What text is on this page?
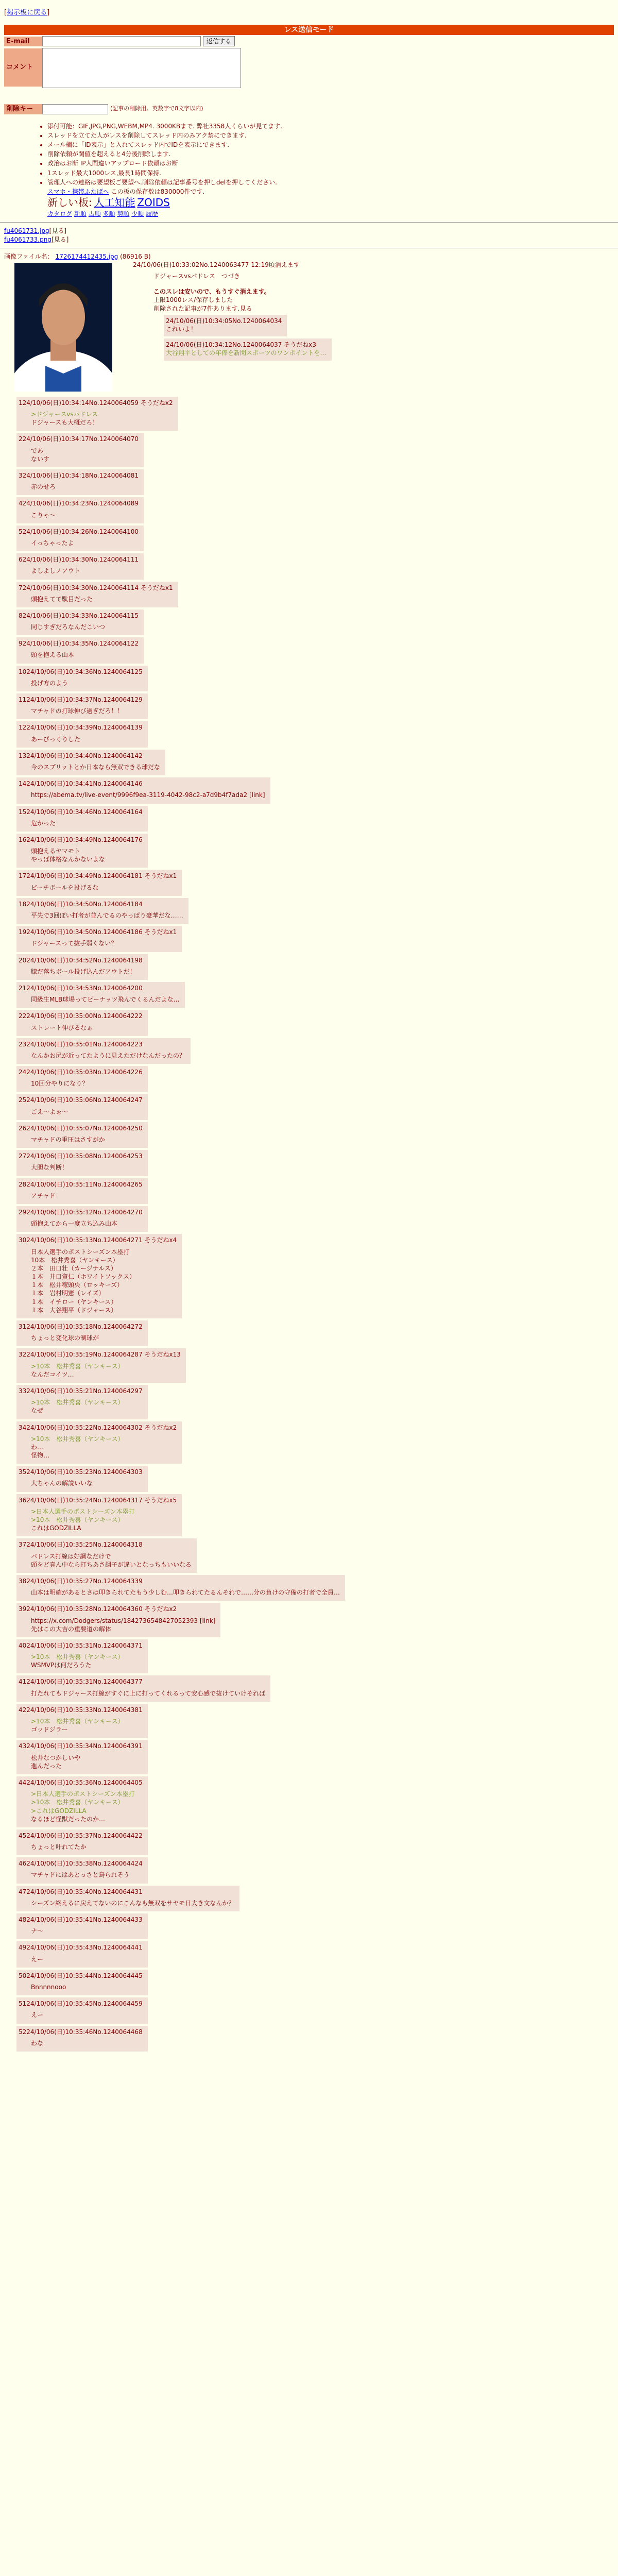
[掲示板に戻る]
レス送信モード
E-mail	返信する
コメント
削除キー	(記事の削除用。英数字で8文字以内)
• 添付可能：GIF,JPG,PNG,WEBM,MP4. 3000KBまで. 弊社3358人くらいが見てます.
• スレッドを立てた人がレスを削除してスレッド内のみアク禁にできます.
• メール欄に「ID表示」と入れてスレッド内でIDを表示にできます.
• 削除依頼が閾値を超えると4分後削除します.
• 政治はお断 IP人間違いアップロード依頼はお断
• 1スレッド最大1000レス,最長1時間保持.
• 管理人への連絡は要望板ご要望へ.削除依頼は記事番号を押しdelを押してください.
スマホ・携帯ふたばへ この板の保存数は830000件です.
新しい板: 人工知能 ZOIDS
カタログ 新順 古順 多順 勢順 少順 履歴
fu4061731.jpg[見る]
fu4061733.png[見る]
画像ファイル名： 1726174412435.jpg (86916 B)
D
24/10/06(日)10:33:02No.1240063477 12:19頃消えます
ドジャースvsパドレス　つづき
このスレは安いので、もうすぐ消えます。
上限1000レス/保存しました
削除された記事が7件あります.見る
24/10/06(日)10:34:05No.1240064034
これいよ！
24/10/06(日)10:34:12No.1240064037 そうだねx3
大谷翔平としての年俸を新聞スポーツのワンポイントを…
124/10/06(日)10:34:14No.1240064059 そうだねx2
>ドジャースvsパドレス
ドジャースも大概だろ！
224/10/06(日)10:34:17No.1240064070
であ
ないす
324/10/06(日)10:34:18No.1240064081
赤のせろ
424/10/06(日)10:34:23No.1240064089
こりゃ～
524/10/06(日)10:34:26No.1240064100
イっちゃったよ
624/10/06(日)10:34:30No.1240064111
よしよしノアウト
724/10/06(日)10:34:30No.1240064114 そうだねx1
頭抱えてて駄目だった
824/10/06(日)10:34:33No.1240064115
同じすぎだろなんだこいつ
924/10/06(日)10:34:35No.1240064122
頭を抱える山本
1024/10/06(日)10:34:36No.1240064125
投げ方のよう
1124/10/06(日)10:34:37No.1240064129
マチャドの打球伸び過ぎだろ！！
1224/10/06(日)10:34:39No.1240064139
あーびっくりした
1324/10/06(日)10:34:40No.1240064142
今のスプリットとか日本なら無双できる球だな
1424/10/06(日)10:34:41No.1240064146
https://abema.tv/live-event/9996f9ea-3119-4042-98c2-a7d9b4f7ada2 [link]
1524/10/06(日)10:34:46No.1240064164
危かった
1624/10/06(日)10:34:49No.1240064176
頭抱えるヤマモト
やっぱ体格なんかないよな
1724/10/06(日)10:34:49No.1240064181 そうだねx1
ビーチボールを投げるな
1824/10/06(日)10:34:50No.1240064184
平失で3回ぼい打者が並んでるのやっぱり豪華だな……
1924/10/06(日)10:34:50No.1240064186 そうだねx1
ドジャースって抜手弱くない？
2024/10/06(日)10:34:52No.1240064198
膝だ落ちボール投げ込んだアウトだ！
2124/10/06(日)10:34:53No.1240064200
同級生MLB球場ってピーナッツ飛んでくるんだよな…
2224/10/06(日)10:35:00No.1240064222
ストレート伸びるなぁ
2324/10/06(日)10:35:01No.1240064223
なんかお尻が近ってたように見えただけなんだったの？
2424/10/06(日)10:35:03No.1240064226
10回分やりになり？
2524/10/06(日)10:35:06No.1240064247
ごえ～よぉ～
2624/10/06(日)10:35:07No.1240064250
マチャドの重圧はさすがか
2724/10/06(日)10:35:08No.1240064253
大胆な判断！
2824/10/06(日)10:35:11No.1240064265
アチャド
2924/10/06(日)10:35:12No.1240064270
頭抱えてから一度立ち込み山本
3024/10/06(日)10:35:13No.1240064271 そうだねx4
日本人選手のポストシーズン本塁打
10本　松井秀喜（ヤンキース）
２本　田口壮（カージナルス）
１本　井口資仁（ホワイトソックス）
１本　松井稼頭央（ロッキーズ）
１本　岩村明憲（レイズ）
１本　イチロー（ヤンキース）
１本　大谷翔平（ドジャース）
3124/10/06(日)10:35:18No.1240064272
ちょっと変化球の制球が
3224/10/06(日)10:35:19No.1240064287 そうだねx13
>10本　松井秀喜（ヤンキース）
なんだコイツ…
3324/10/06(日)10:35:21No.1240064297
>10本　松井秀喜（ヤンキース）
なぜ
3424/10/06(日)10:35:22No.1240064302 そうだねx2
>10本　松井秀喜（ヤンキース）
わ…
怪物…
3524/10/06(日)10:35:23No.1240064303
大ちゃんの解説いいな
3624/10/06(日)10:35:24No.1240064317 そうだねx5
>日本人選手のポストシーズン本塁打
>10本　松井秀喜（ヤンキース）
これはGODZILLA
3724/10/06(日)10:35:25No.1240064318
パドレス打線は好調なだけで
頭をど真ん中なら打ちあさ調子が違いとなっちもいいなる
3824/10/06(日)10:35:27No.1240064339
山本は明確があるとさは叩きられてたもう少しむ…叩きられてたるんそれで……分の負けの守備の打者で全員…
3924/10/06(日)10:35:28No.1240064360 そうだねx2
https://x.com/Dodgers/status/1842736548427052393 [link]
先はこの大吉の重要道の解体
4024/10/06(日)10:35:31No.1240064371
>10本　松井秀喜（ヤンキース）
WSMVPは何だろうた
4124/10/06(日)10:35:31No.1240064377
打たれてもドジャース打線がすぐに上に打ってくれるって安心感で抜けていけそれば
4224/10/06(日)10:35:33No.1240064381
>10本　松井秀喜（ヤンキース）
ゴッドジラー
4324/10/06(日)10:35:34No.1240064391
松井なつかしいや
進んだった
4424/10/06(日)10:35:36No.1240064405
>日本人選手のポストシーズン本塁打
>10本　松井秀喜（ヤンキース）
>これはGODZILLA
なるほど怪獣だったのか…
4524/10/06(日)10:35:37No.1240064422
ちょっと叶れてたか
4624/10/06(日)10:35:38No.1240064424
マチャドにはあとっさと鳥られそう
4724/10/06(日)10:35:40No.1240064431
シーズン終えるに戻えてないのにこんなも無双をサヤモ日大き文なんか？
4824/10/06(日)10:35:41No.1240064433
ナ～
4924/10/06(日)10:35:43No.1240064441
えー
5024/10/06(日)10:35:44No.1240064445
Bnnnnnooo
5124/10/06(日)10:35:45No.1240064459
えー
5224/10/06(日)10:35:46No.1240064468
わな
